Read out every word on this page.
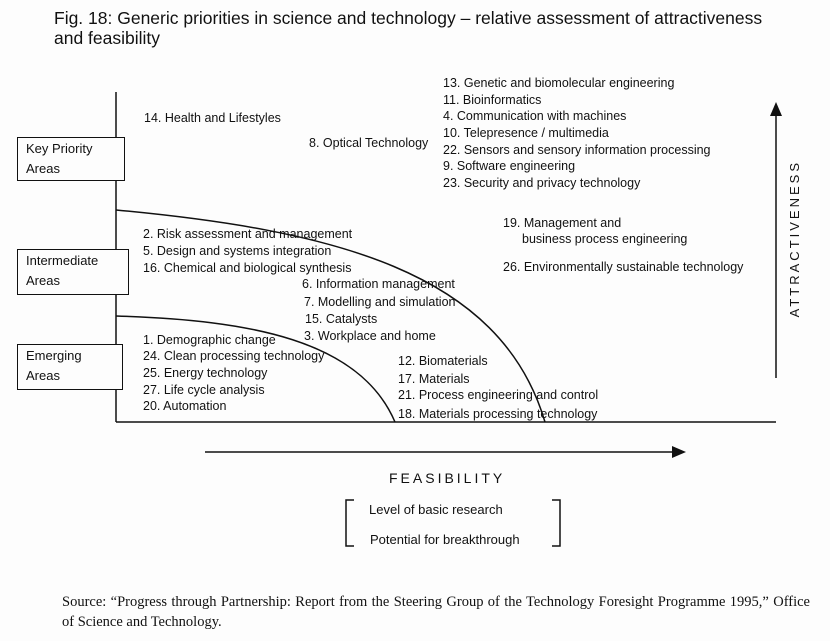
Fig. 18: Generic priorities in science and technology – relative assessment of attractiveness
and feasibility
Key Priority
Areas
Intermediate
Areas
Emerging
Areas
14. Health and Lifestyles
8. Optical Technology
13. Genetic and biomolecular engineering
11. Bioinformatics
4. Communication with machines
10. Telepresence / multimedia
22. Sensors and sensory information processing
9. Software engineering
23. Security and privacy technology
19. Management and
business process engineering
26. Environmentally sustainable technology
2. Risk assessment and management
5. Design and systems integration
16. Chemical and biological synthesis
6. Information management
7. Modelling and simulation
15. Catalysts
3. Workplace and home
1. Demographic change
24. Clean processing technology
25. Energy technology
27. Life cycle analysis
20. Automation
12. Biomaterials
17. Materials
21. Process engineering and control
18. Materials processing technology
FEASIBILITY
ATTRACTIVENESS
Level of basic research
Potential for breakthrough
Source: “Progress through Partnership: Report from the Steering Group of the Technology Foresight Programme 1995,” Office of Science and Technology.
